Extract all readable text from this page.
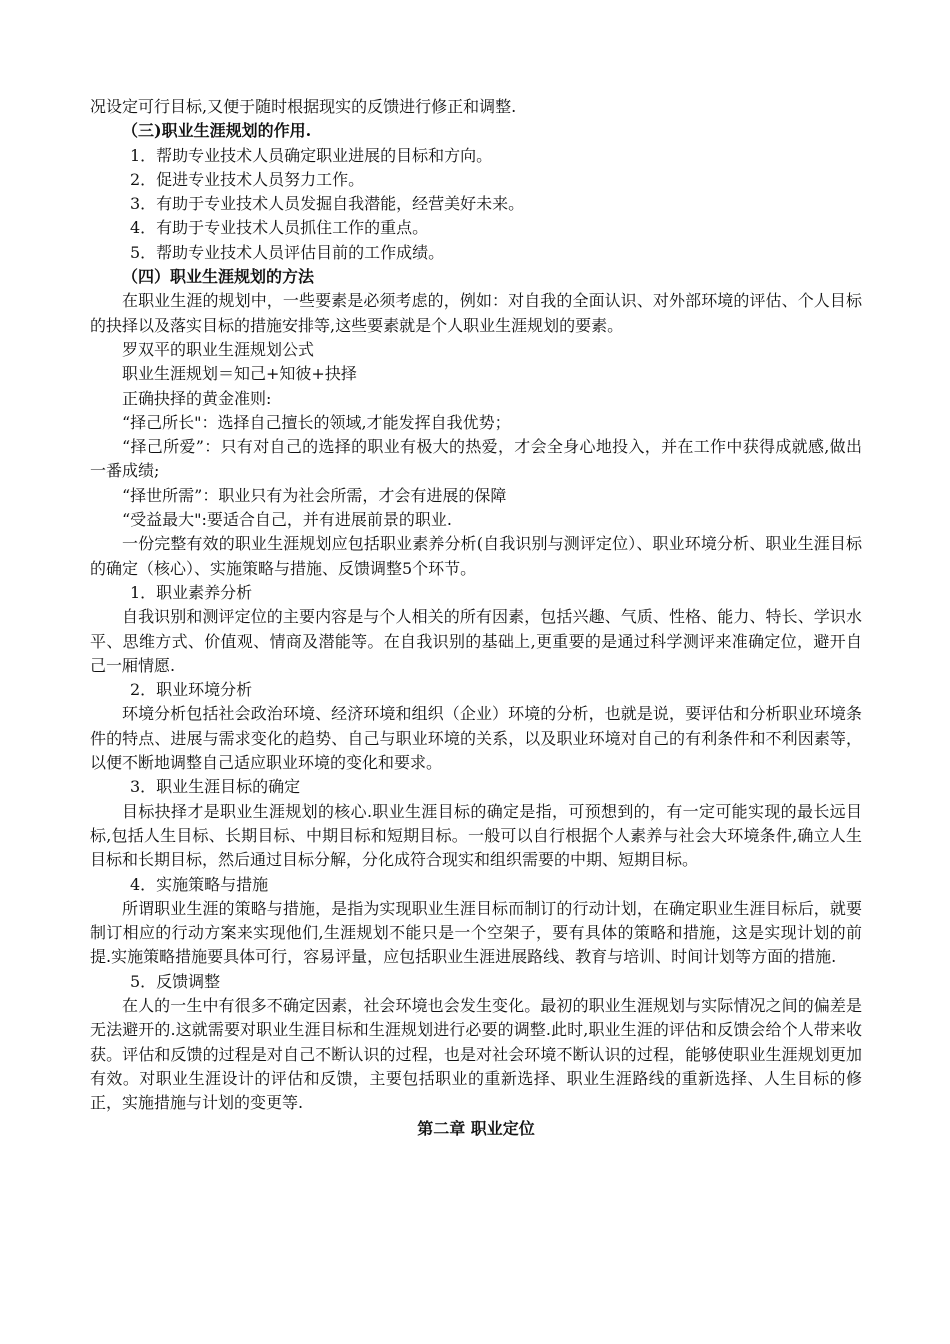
况设定可行目标,又便于随时根据现实的反馈进行修正和调整.

（三)职业生涯规划的作用.

1．帮助专业技术人员确定职业进展的目标和方向。

2．促进专业技术人员努力工作。

3．有助于专业技术人员发掘自我潜能，经营美好未来。

4．有助于专业技术人员抓住工作的重点。

5．帮助专业技术人员评估目前的工作成绩。

（四）职业生涯规划的方法

在职业生涯的规划中，一些要素是必须考虑的，例如：对自我的全面认识、对外部环境的评估、个人目标的抉择以及落实目标的措施安排等,这些要素就是个人职业生涯规划的要素。

罗双平的职业生涯规划公式

职业生涯规划＝知己+知彼+抉择

正确抉择的黄金准则:

“择己所长"：选择自己擅长的领域,才能发挥自我优势；

“择己所爱”：只有对自己的选择的职业有极大的热爱，才会全身心地投入，并在工作中获得成就感,做出一番成绩;

“择世所需”：职业只有为社会所需，才会有进展的保障

“受益最大":要适合自己，并有进展前景的职业.

一份完整有效的职业生涯规划应包括职业素养分析(自我识别与测评定位）、职业环境分析、职业生涯目标的确定（核心）、实施策略与措施、反馈调整5个环节。

1．职业素养分析

自我识别和测评定位的主要内容是与个人相关的所有因素，包括兴趣、气质、性格、能力、特长、学识水平、思维方式、价值观、情商及潜能等。在自我识别的基础上,更重要的是通过科学测评来准确定位，避开自己一厢情愿.

2．职业环境分析

环境分析包括社会政治环境、经济环境和组织（企业）环境的分析，也就是说，要评估和分析职业环境条件的特点、进展与需求变化的趋势、自己与职业环境的关系，以及职业环境对自己的有利条件和不利因素等，以便不断地调整自己适应职业环境的变化和要求。

3．职业生涯目标的确定

目标抉择才是职业生涯规划的核心.职业生涯目标的确定是指，可预想到的，有一定可能实现的最长远目标,包括人生目标、长期目标、中期目标和短期目标。一般可以自行根据个人素养与社会大环境条件,确立人生目标和长期目标，然后通过目标分解，分化成符合现实和组织需要的中期、短期目标。

4．实施策略与措施

所谓职业生涯的策略与措施，是指为实现职业生涯目标而制订的行动计划，在确定职业生涯目标后，就要制订相应的行动方案来实现他们,生涯规划不能只是一个空架子，要有具体的策略和措施，这是实现计划的前提.实施策略措施要具体可行，容易评量，应包括职业生涯进展路线、教育与培训、时间计划等方面的措施.

5．反馈调整

在人的一生中有很多不确定因素，社会环境也会发生变化。最初的职业生涯规划与实际情况之间的偏差是无法避开的.这就需要对职业生涯目标和生涯规划进行必要的调整.此时,职业生涯的评估和反馈会给个人带来收获。评估和反馈的过程是对自己不断认识的过程，也是对社会环境不断认识的过程，能够使职业生涯规划更加有效。对职业生涯设计的评估和反馈，主要包括职业的重新选择、职业生涯路线的重新选择、人生目标的修正，实施措施与计划的变更等.

第二章 职业定位
